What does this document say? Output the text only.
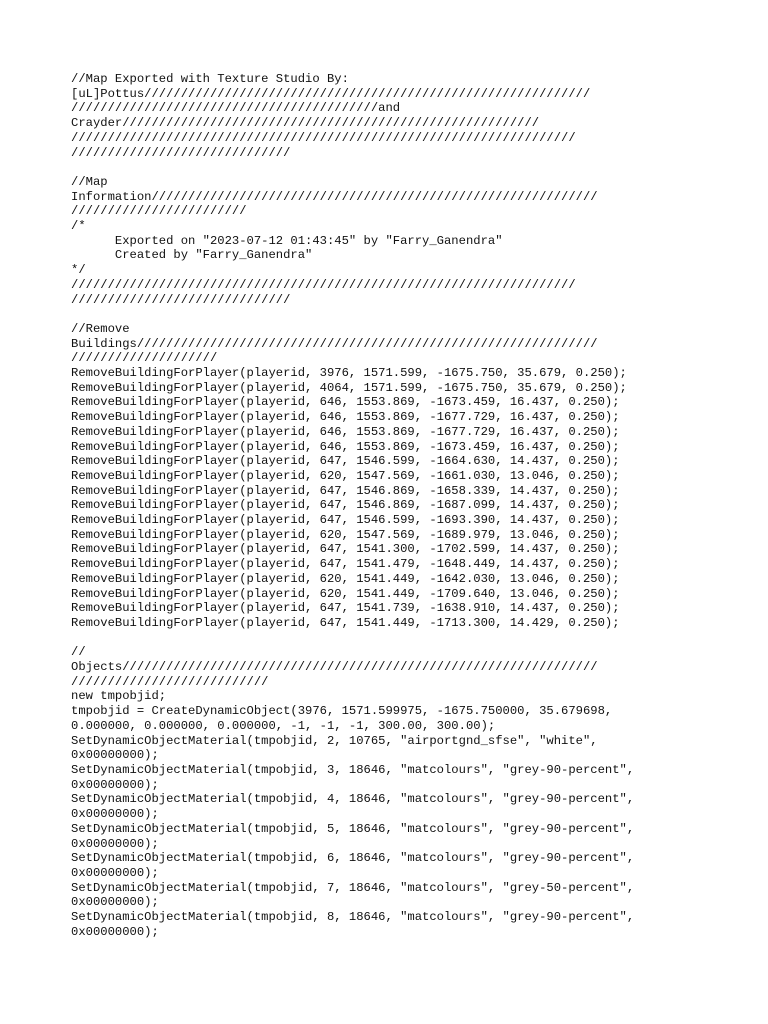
//Map Exported with Texture Studio By:
[uL]Pottus/////////////////////////////////////////////////////////////
//////////////////////////////////////////and
Crayder/////////////////////////////////////////////////////////
/////////////////////////////////////////////////////////////////////
//////////////////////////////
//Map
Information/////////////////////////////////////////////////////////////
////////////////////////
/*
Exported on "2023-07-12 01:43:45" by "Farry_Ganendra"
Created by "Farry_Ganendra"
*/
/////////////////////////////////////////////////////////////////////
//////////////////////////////
//Remove
Buildings///////////////////////////////////////////////////////////////
////////////////////
RemoveBuildingForPlayer(playerid, 3976, 1571.599, -1675.750, 35.679, 0.250);
RemoveBuildingForPlayer(playerid, 4064, 1571.599, -1675.750, 35.679, 0.250);
RemoveBuildingForPlayer(playerid, 646, 1553.869, -1673.459, 16.437, 0.250);
RemoveBuildingForPlayer(playerid, 646, 1553.869, -1677.729, 16.437, 0.250);
RemoveBuildingForPlayer(playerid, 646, 1553.869, -1677.729, 16.437, 0.250);
RemoveBuildingForPlayer(playerid, 646, 1553.869, -1673.459, 16.437, 0.250);
RemoveBuildingForPlayer(playerid, 647, 1546.599, -1664.630, 14.437, 0.250);
RemoveBuildingForPlayer(playerid, 620, 1547.569, -1661.030, 13.046, 0.250);
RemoveBuildingForPlayer(playerid, 647, 1546.869, -1658.339, 14.437, 0.250);
RemoveBuildingForPlayer(playerid, 647, 1546.869, -1687.099, 14.437, 0.250);
RemoveBuildingForPlayer(playerid, 647, 1546.599, -1693.390, 14.437, 0.250);
RemoveBuildingForPlayer(playerid, 620, 1547.569, -1689.979, 13.046, 0.250);
RemoveBuildingForPlayer(playerid, 647, 1541.300, -1702.599, 14.437, 0.250);
RemoveBuildingForPlayer(playerid, 647, 1541.479, -1648.449, 14.437, 0.250);
RemoveBuildingForPlayer(playerid, 620, 1541.449, -1642.030, 13.046, 0.250);
RemoveBuildingForPlayer(playerid, 620, 1541.449, -1709.640, 13.046, 0.250);
RemoveBuildingForPlayer(playerid, 647, 1541.739, -1638.910, 14.437, 0.250);
RemoveBuildingForPlayer(playerid, 647, 1541.449, -1713.300, 14.429, 0.250);
//
Objects/////////////////////////////////////////////////////////////////
///////////////////////////
new tmpobjid;
tmpobjid = CreateDynamicObject(3976, 1571.599975, -1675.750000, 35.679698,
0.000000, 0.000000, 0.000000, -1, -1, -1, 300.00, 300.00);
SetDynamicObjectMaterial(tmpobjid, 2, 10765, "airportgnd_sfse", "white",
0x00000000);
SetDynamicObjectMaterial(tmpobjid, 3, 18646, "matcolours", "grey-90-percent",
0x00000000);
SetDynamicObjectMaterial(tmpobjid, 4, 18646, "matcolours", "grey-90-percent",
0x00000000);
SetDynamicObjectMaterial(tmpobjid, 5, 18646, "matcolours", "grey-90-percent",
0x00000000);
SetDynamicObjectMaterial(tmpobjid, 6, 18646, "matcolours", "grey-90-percent",
0x00000000);
SetDynamicObjectMaterial(tmpobjid, 7, 18646, "matcolours", "grey-50-percent",
0x00000000);
SetDynamicObjectMaterial(tmpobjid, 8, 18646, "matcolours", "grey-90-percent",
0x00000000);
